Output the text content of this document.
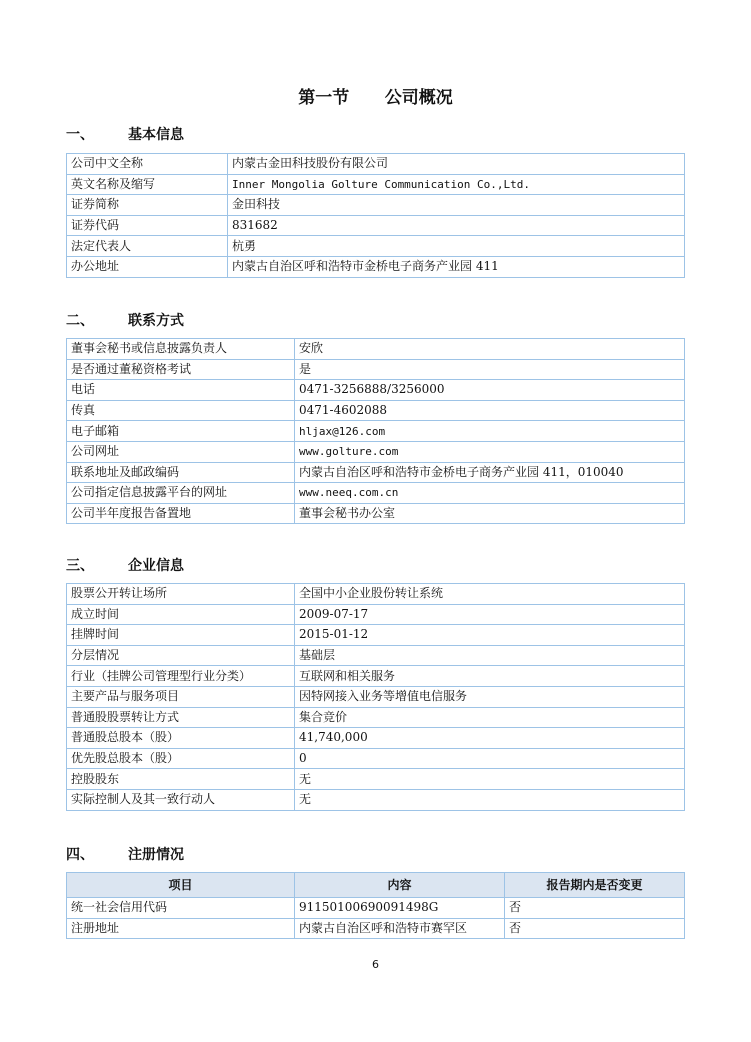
第一节      公司概况
一、	基本信息
公司中文全称	内蒙古金田科技股份有限公司
英文名称及缩写	Inner Mongolia Golture Communication Co.,Ltd.
证券简称	金田科技
证券代码	831682
法定代表人	杭勇
办公地址	内蒙古自治区呼和浩特市金桥电子商务产业园 411
二、	联系方式
董事会秘书或信息披露负责人	安欣
是否通过董秘资格考试	是
电话	0471-3256888/3256000
传真	0471-4602088
电子邮箱	hljax@126.com
公司网址	www.golture.com
联系地址及邮政编码	内蒙古自治区呼和浩特市金桥电子商务产业园 411，010040
公司指定信息披露平台的网址	www.neeq.com.cn
公司半年度报告备置地	董事会秘书办公室
三、	企业信息
股票公开转让场所	全国中小企业股份转让系统
成立时间	2009-07-17
挂牌时间	2015-01-12
分层情况	基础层
行业（挂牌公司管理型行业分类）	互联网和相关服务
主要产品与服务项目	因特网接入业务等增值电信服务
普通股股票转让方式	集合竞价
普通股总股本（股）	41,740,000
优先股总股本（股）	0
控股股东	无
实际控制人及其一致行动人	无
四、	注册情况
项目	内容	报告期内是否变更
统一社会信用代码	91150100690091498G	否
注册地址	内蒙古自治区呼和浩特市赛罕区	否
6
